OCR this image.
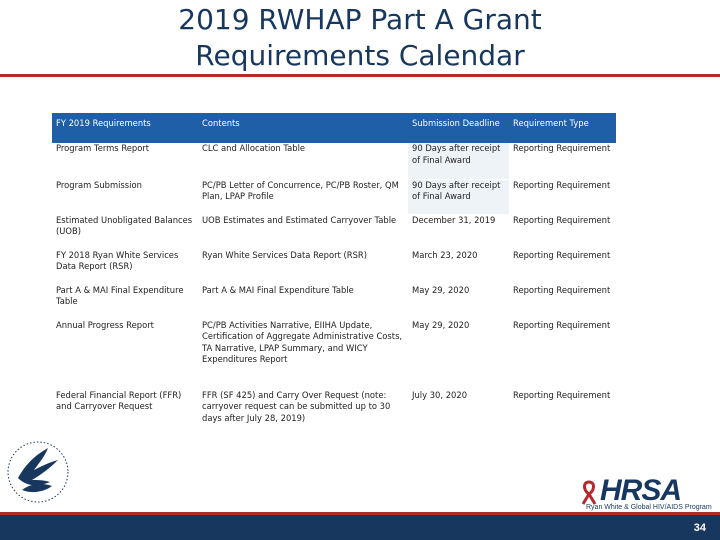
2019 RWHAP Part A Grant
Requirements Calendar
FY 2019 Requirements	Contents	Submission Deadline	Requirement Type
Program Terms Report	CLC and Allocation Table	90 Days after receipt of Final Award	Reporting Requirement
Program Submission	PC/PB Letter of Concurrence, PC/PB Roster, QM Plan, LPAP Profile	90 Days after receipt of Final Award	Reporting Requirement
Estimated Unobligated Balances (UOB)	UOB Estimates and Estimated Carryover Table	December 31, 2019	Reporting Requirement
FY 2018 Ryan White Services Data Report (RSR)	Ryan White Services Data Report (RSR)	March 23, 2020	Reporting Requirement
Part A & MAI Final Expenditure Table	Part A & MAI Final Expenditure Table	May 29, 2020	Reporting Requirement
Annual Progress Report	PC/PB Activities Narrative, EIIHA Update, Certification of Aggregate Administrative Costs, TA Narrative, LPAP Summary, and WICY Expenditures Report	May 29, 2020	Reporting Requirement
Federal Financial Report (FFR) and Carryover Request	FFR (SF 425) and Carry Over Request (note: carryover request can be submitted up to 30 days after July 28, 2019)	July 30, 2020	Reporting Requirement
HRSA
Ryan White & Global HIV/AIDS Program
34
